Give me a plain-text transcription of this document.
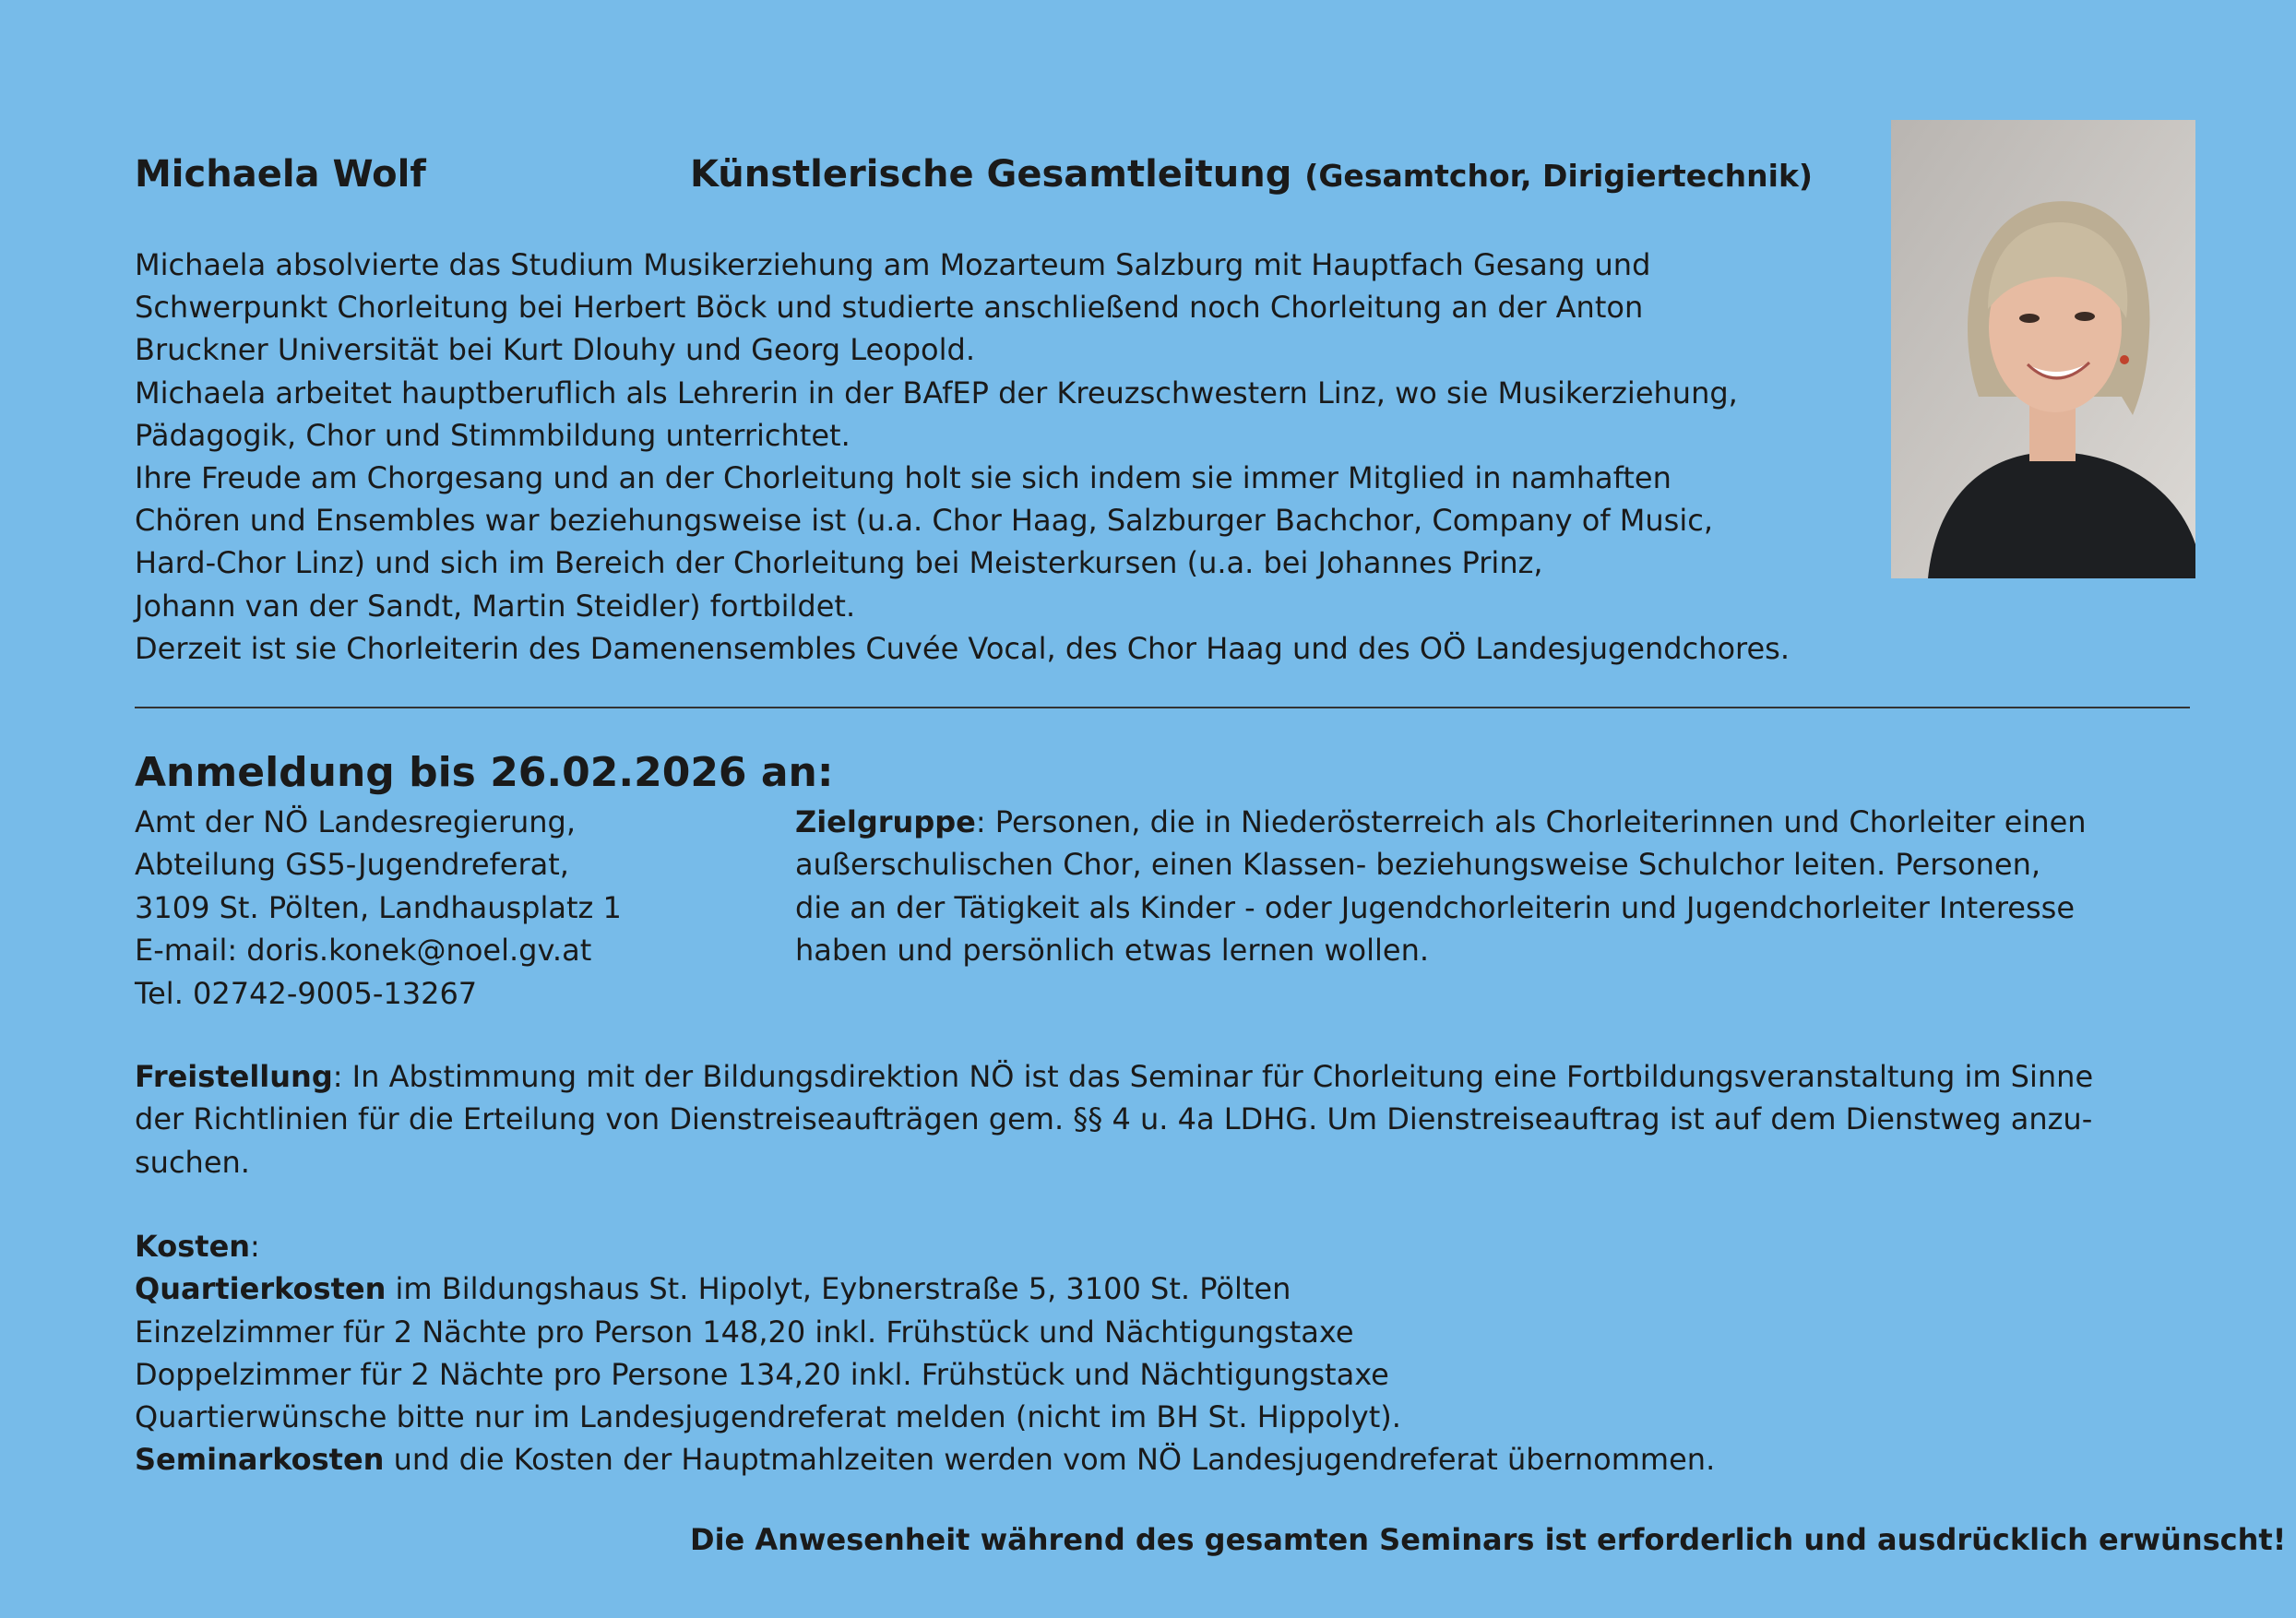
Michaela Wolf	Künstlerische Gesamtleitung (Gesamtchor, Dirigiertechnik)
Michaela absolvierte das Studium Musikerziehung am Mozarteum Salzburg mit Hauptfach Gesang und
Schwerpunkt Chorleitung bei Herbert Böck und studierte anschließend noch Chorleitung an der Anton
Bruckner Universität bei Kurt Dlouhy und Georg Leopold.
Michaela arbeitet hauptberuflich als Lehrerin in der BAfEP der Kreuzschwestern Linz, wo sie Musikerziehung,
Pädagogik, Chor und Stimmbildung unterrichtet.
Ihre Freude am Chorgesang und an der Chorleitung holt sie sich indem sie immer Mitglied in namhaften
Chören und Ensembles war beziehungsweise ist (u.a. Chor Haag, Salzburger Bachchor, Company of Music,
Hard-Chor Linz) und sich im Bereich der Chorleitung bei Meisterkursen (u.a. bei Johannes Prinz,
Johann van der Sandt, Martin Steidler) fortbildet.
Derzeit ist sie Chorleiterin des Damenensembles Cuvée Vocal, des Chor Haag und des OÖ Landesjugendchores.
Anmeldung bis 26.02.2026 an:
Amt der NÖ Landesregierung,
Abteilung GS5-Jugendreferat,
3109 St. Pölten, Landhausplatz 1
E-mail: doris.konek@noel.gv.at
Tel. 02742-9005-13267
Zielgruppe: Personen, die in Niederösterreich als Chorleiterinnen und Chorleiter einen
außerschulischen Chor, einen Klassen- beziehungsweise Schulchor leiten. Personen,
die an der Tätigkeit als Kinder - oder Jugendchorleiterin und Jugendchorleiter Interesse
haben und persönlich etwas lernen wollen.
Freistellung: In Abstimmung mit der Bildungsdirektion NÖ ist das Seminar für Chorleitung eine Fortbildungsveranstaltung im Sinne
der Richtlinien für die Erteilung von Dienstreiseaufträgen gem. §§ 4 u. 4a LDHG. Um Dienstreiseauftrag ist auf dem Dienstweg anzu-
suchen.
Kosten:
Quartierkosten im Bildungshaus St. Hipolyt, Eybnerstraße 5, 3100 St. Pölten
Einzelzimmer für 2 Nächte pro Person 148,20 inkl. Frühstück und Nächtigungstaxe
Doppelzimmer für 2 Nächte pro Persone 134,20 inkl. Frühstück und Nächtigungstaxe
Quartierwünsche bitte nur im Landesjugendreferat melden (nicht im BH St. Hippolyt).
Seminarkosten und die Kosten der Hauptmahlzeiten werden vom NÖ Landesjugendreferat übernommen.
Die Anwesenheit während des gesamten Seminars ist erforderlich und ausdrücklich erwünscht!
